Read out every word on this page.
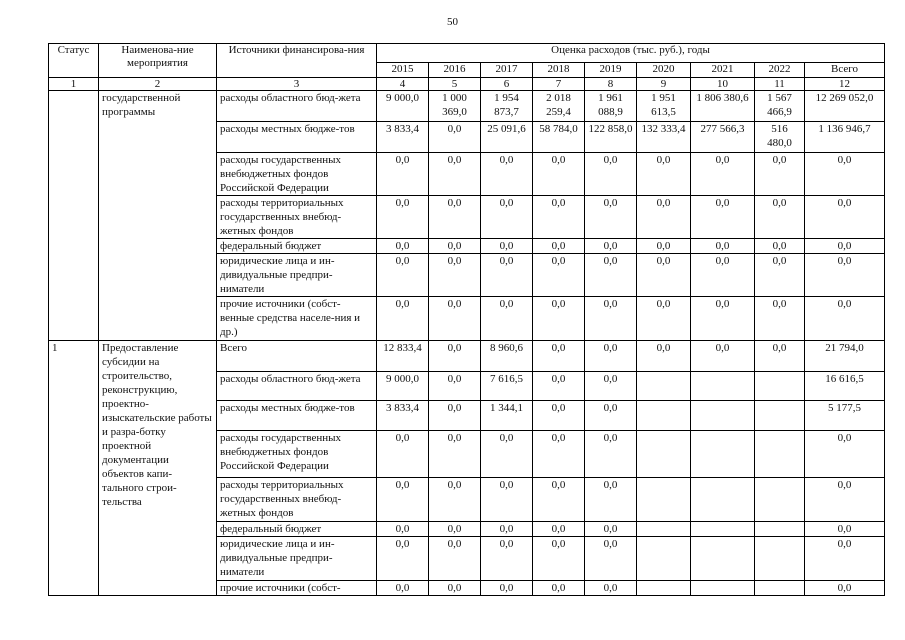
50
Статус	Наименова-ние мероприятия	Источники финансирова-ния	Оценка расходов (тыс. руб.), годы								
			2015	2016	2017	2018	2019	2020	2021	2022	Всего
1	2	3	4	5	6	7	8	9	10	11	12
	государственной программы	расходы областного бюд-жета	9 000,0	1 000 369,0	1 954 873,7	2 018 259,4	1 961 088,9	1 951 613,5	1 806 380,6	1 567 466,9	12 269 052,0
		расходы местных бюдже-тов	3 833,4	0,0	25 091,6	58 784,0	122 858,0	132 333,4	277 566,3	516 480,0	1 136 946,7
		расходы государственных внебюджетных фондов Российской Федерации	0,0	0,0	0,0	0,0	0,0	0,0	0,0	0,0	0,0
		расходы территориальных государственных внебюд-жетных фондов	0,0	0,0	0,0	0,0	0,0	0,0	0,0	0,0	0,0
		федеральный бюджет	0,0	0,0	0,0	0,0	0,0	0,0	0,0	0,0	0,0
		юридические лица и ин-дивидуальные предпри-ниматели	0,0	0,0	0,0	0,0	0,0	0,0	0,0	0,0	0,0
		прочие источники (собст-венные средства населе-ния и др.)	0,0	0,0	0,0	0,0	0,0	0,0	0,0	0,0	0,0
1	Предоставление субсидии на строительство, реконструкцию, проектно-изыскательские работы и разра-ботку проектной документации объектов капи-тального строи-тельства	Всего	12 833,4	0,0	8 960,6	0,0	0,0	0,0	0,0	0,0	21 794,0
		расходы областного бюд-жета	9 000,0	0,0	7 616,5	0,0	0,0				16 616,5
		расходы местных бюдже-тов	3 833,4	0,0	1 344,1	0,0	0,0				5 177,5
		расходы государственных внебюджетных фондов Российской Федерации	0,0	0,0	0,0	0,0	0,0				0,0
		расходы территориальных государственных внебюд-жетных фондов	0,0	0,0	0,0	0,0	0,0				0,0
		федеральный бюджет	0,0	0,0	0,0	0,0	0,0				0,0
		юридические лица и ин-дивидуальные предпри-ниматели	0,0	0,0	0,0	0,0	0,0				0,0
		прочие источники (собст-	0,0	0,0	0,0	0,0	0,0				0,0
